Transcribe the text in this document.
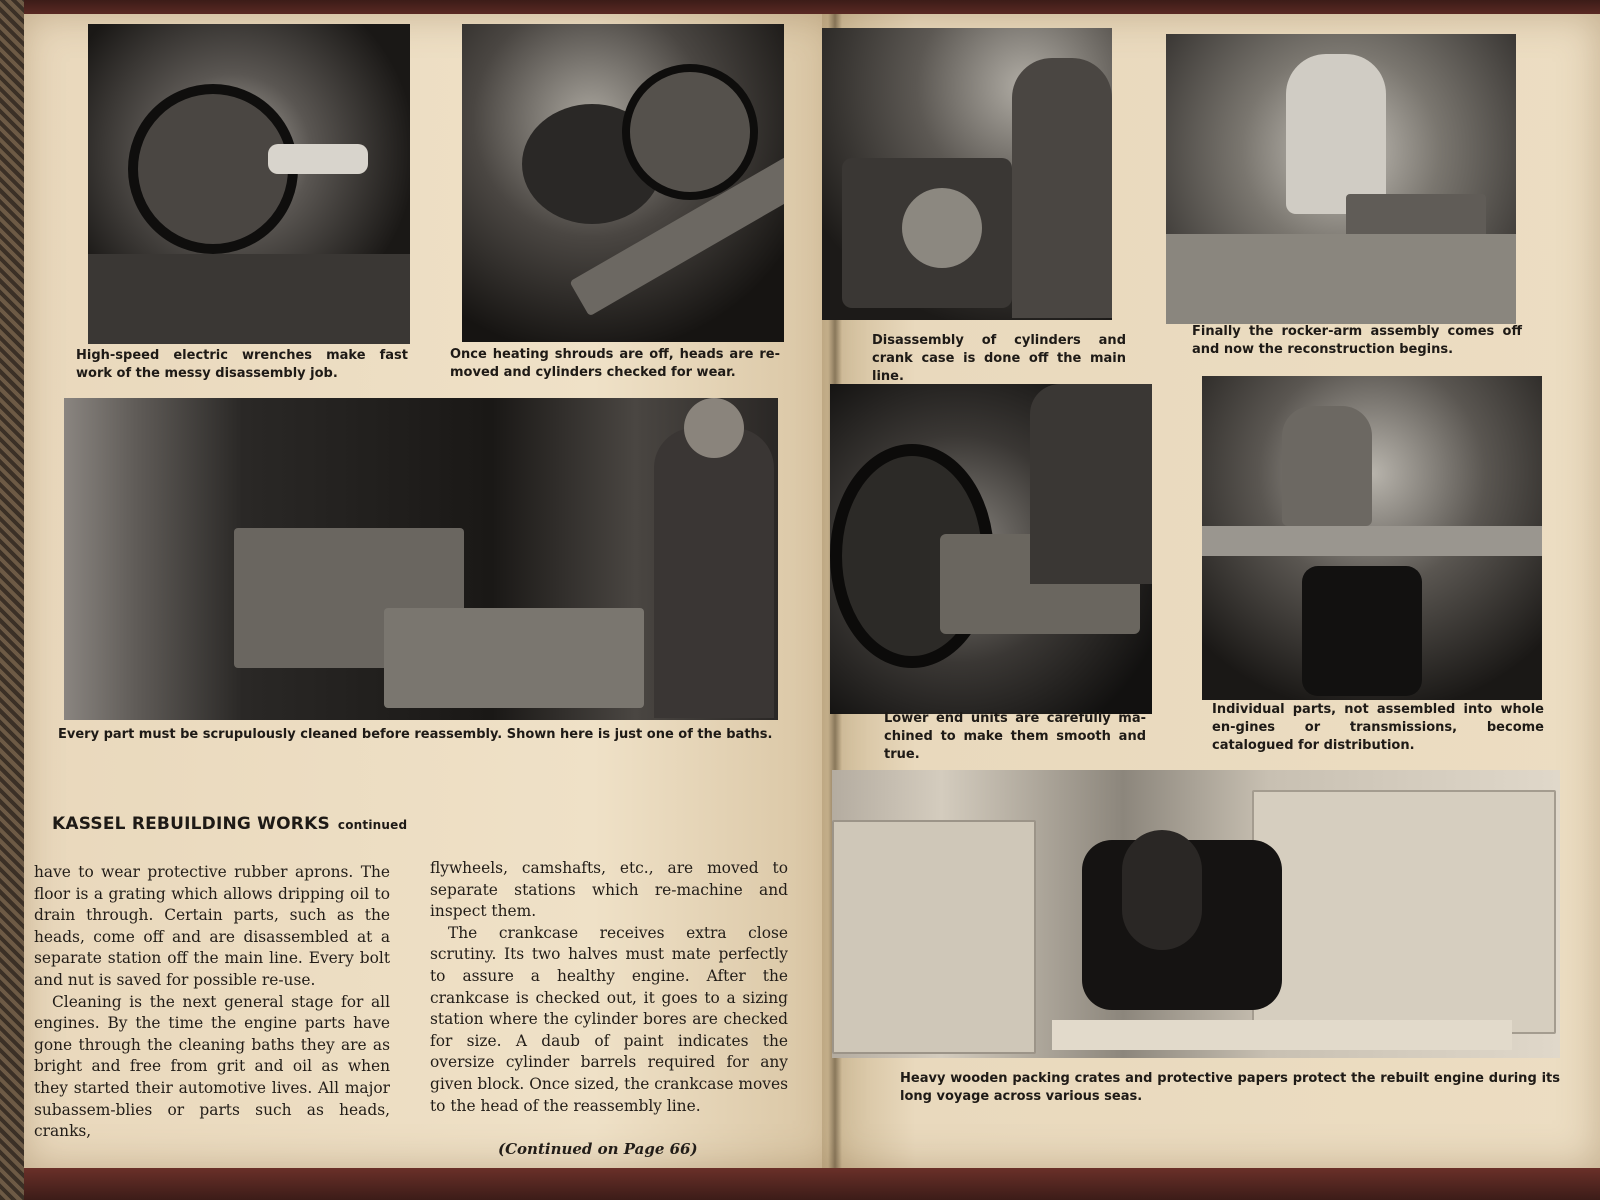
High-speed electric wrenches make fast work of the messy disassembly job.

Once heating shrouds are off, heads are re-moved and cylinders checked for wear.

Every part must be scrupulously cleaned before reassembly. Shown here is just one of the baths.

Disassembly of cylinders and crank case is done off the main line.

Finally the rocker-arm assembly comes off and now the reconstruction begins.

Lower end units are carefully ma-chined to make them smooth and true.

Individual parts, not assembled into whole en-gines or transmissions, become catalogued for distribution.

Heavy wooden packing crates and protective papers protect the rebuilt engine during its long voyage across various seas.

KASSEL REBUILDING WORKS continued

have to wear protective rubber aprons. The floor is a grating which allows dripping oil to drain through. Certain parts, such as the heads, come off and are disassembled at a separate station off the main line. Every bolt and nut is saved for possible re-use.

Cleaning is the next general stage for all engines. By the time the engine parts have gone through the cleaning baths they are as bright and free from grit and oil as when they started their automotive lives. All major subassem-blies or parts such as heads, cranks,

flywheels, camshafts, etc., are moved to separate stations which re-machine and inspect them.

The crankcase receives extra close scrutiny. Its two halves must mate perfectly to assure a healthy engine. After the crankcase is checked out, it goes to a sizing station where the cylinder bores are checked for size. A daub of paint indicates the oversize cylinder barrels required for any given block. Once sized, the crankcase moves to the head of the reassembly line.

(Continued on Page 66)
